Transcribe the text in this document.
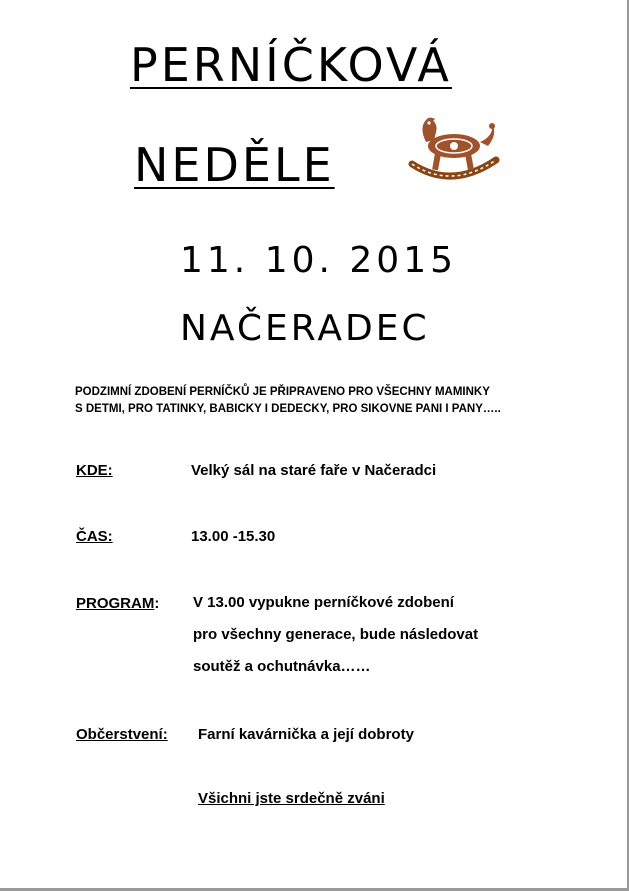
PERNÍČKOVÁ
NEDĚLE
11. 10. 2015
NAČERADEC
PODZIMNÍ ZDOBENÍ PERNÍČKŮ JE PŘIPRAVENO PRO VŠECHNY MAMINKY
S DETMI, PRO TATINKY, BABICKY I DEDECKY, PRO SIKOVNE PANI I PANY…..
KDE:	Velký sál na staré faře v Načeradci
ČAS:	13.00 -15.30
PROGRAM: V 13.00 vypukne perníčkové zdobení
pro všechny generace, bude následovat
soutěž a ochutnávka……
Občerstvení: Farní kavárnička a její dobroty
Všichni jste srdečně zváni
